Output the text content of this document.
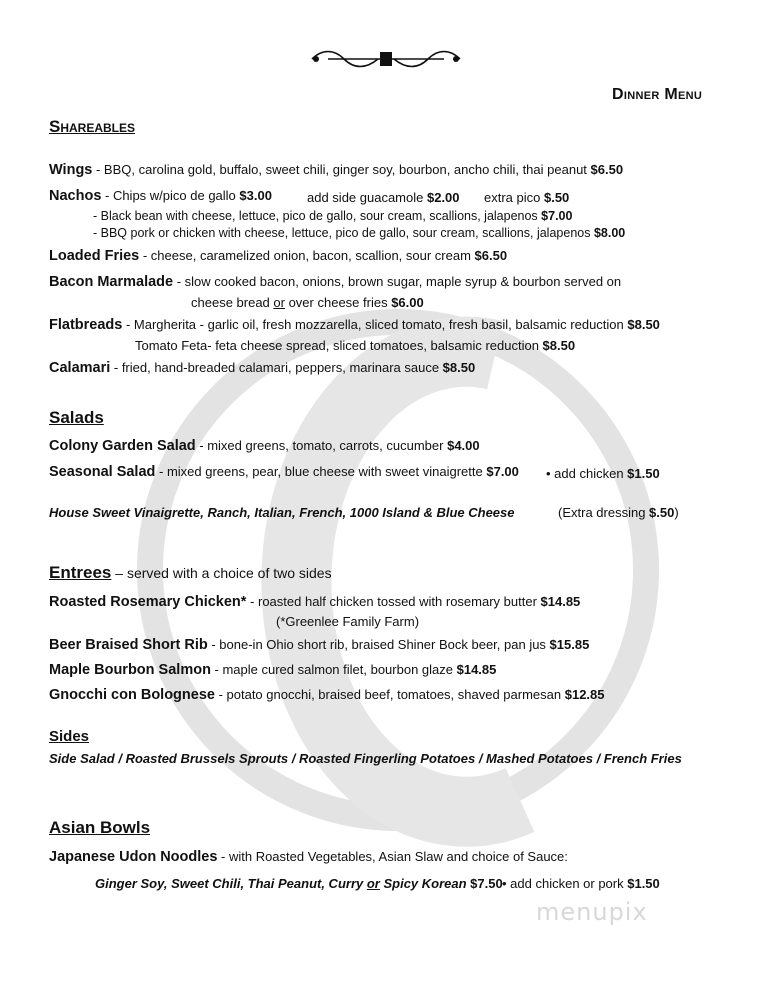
Dinner Menu
Shareables
Wings - BBQ, carolina gold, buffalo, sweet chili, ginger soy, bourbon, ancho chili, thai peanut $6.50
Nachos - Chips w/pico de gallo $3.00	add side guacamole $2.00 extra pico $.50
- Black bean with cheese, lettuce, pico de gallo, sour cream, scallions, jalapenos $7.00
- BBQ pork or chicken with cheese, lettuce, pico de gallo, sour cream, scallions, jalapenos $8.00
Loaded Fries - cheese, caramelized onion, bacon, scallion, sour cream $6.50
Bacon Marmalade - slow cooked bacon, onions, brown sugar, maple syrup & bourbon served on
cheese bread or over cheese fries $6.00
Flatbreads - Margherita - garlic oil, fresh mozzarella, sliced tomato, fresh basil, balsamic reduction $8.50
Tomato Feta- feta cheese spread, sliced tomatoes, balsamic reduction $8.50
Calamari - fried, hand-breaded calamari, peppers, marinara sauce $8.50
Salads
Colony Garden Salad - mixed greens, tomato, carrots, cucumber $4.00
Seasonal Salad - mixed greens, pear, blue cheese with sweet vinaigrette $7.00 • add chicken $1.50
House Sweet Vinaigrette, Ranch, Italian, French, 1000 Island & Blue Cheese	(Extra dressing $.50)
Entrees – served with a choice of two sides
Roasted Rosemary Chicken* - roasted half chicken tossed with rosemary butter $14.85
(*Greenlee Family Farm)
Beer Braised Short Rib - bone-in Ohio short rib, braised Shiner Bock beer, pan jus $15.85
Maple Bourbon Salmon - maple cured salmon filet, bourbon glaze $14.85
Gnocchi con Bolognese - potato gnocchi, braised beef, tomatoes, shaved parmesan $12.85
Sides
Side Salad / Roasted Brussels Sprouts / Roasted Fingerling Potatoes / Mashed Potatoes / French Fries
Asian Bowls
Japanese Udon Noodles - with Roasted Vegetables, Asian Slaw and choice of Sauce:
Ginger Soy, Sweet Chili, Thai Peanut, Curry or Spicy Korean $7.50 • add chicken or pork $1.50
menupix
